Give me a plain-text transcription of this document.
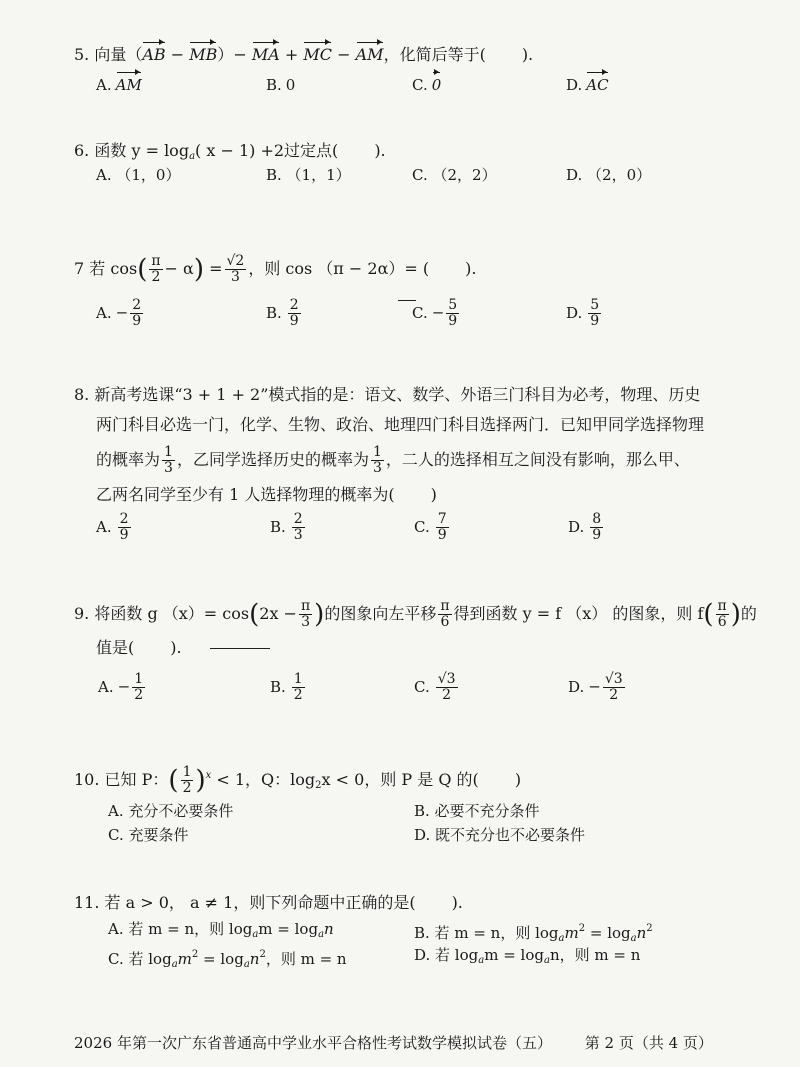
5. 向量（AB − MB）− MA + MC − AM，化简后等于( ).
A. AM	B. 0	C. 0	D. AC
6. 函数 $y = \log_a$( x − 1) +2过定点( ).
A. （1，0）	B. （1，1）	C. （2，2）	D. （2，0）
7 若 $\cos( \frac{\pi}{2} - \alpha) = \frac{√2}{3}$ ，则 cos （π − 2α）= ( ).
A. − $\frac{2}{9}$	B. $\frac{2}{9}$	C. − $\frac{5}{9}$	D. $\frac{5}{9}$
8. 新高考选课“3 + 1 + 2”模式指的是：语文、数学、外语三门科目为必考，物理、历史
两门科目必选一门，化学、生物、政治、地理四门科目选择两门．已知甲同学选择物理
的概率为 $\frac{1}{3}$ ，乙同学选择历史的概率为 $\frac{1}{3}$ ，二人的选择相互之间没有影响，那么甲、
乙两名同学至少有 1 人选择物理的概率为( )
A. $\frac{2}{9}$	B. $\frac{2}{3}$	C. $\frac{7}{9}$	D. $\frac{8}{9}$
9. 将函数 g $(x)= \cos(2x - \frac{\pi}{3}$ )的图象向左平移 $\frac{\pi}{6}$ 得到函数 y = f （x） 的图象，则 $f( \frac{\pi}{6}$ )的
值是( ).
A. − $\frac{1}{2}$	B. $\frac{1}{2}$	C. $\frac{√3}{2}$	D. − $\frac{√3}{2}$
10. 已知 P：( $\frac{1}{2} )^x < 1$，Q：$\log_2x < 0$，则 P 是 Q 的( )
A. 充分不必要条件	B. 必要不充分条件
C. 充要条件	D. 既不充分也不必要条件
11. 若 a > 0， a ≠ 1，则下列命题中正确的是( ).
A. 若 m = n，则 $\log_am = \log_an$	B. 若 m = n，则 $\log_am^2 = \log_an^2$
C. 若 $\log_am^2 = \log_an^2$，则 m = n	D. 若 $\log_am = \log_an$，则 m = n
2026 年第一次广东省普通高中学业水平合格性考试数学模拟试卷（五） 第 2 页（共 4 页）
